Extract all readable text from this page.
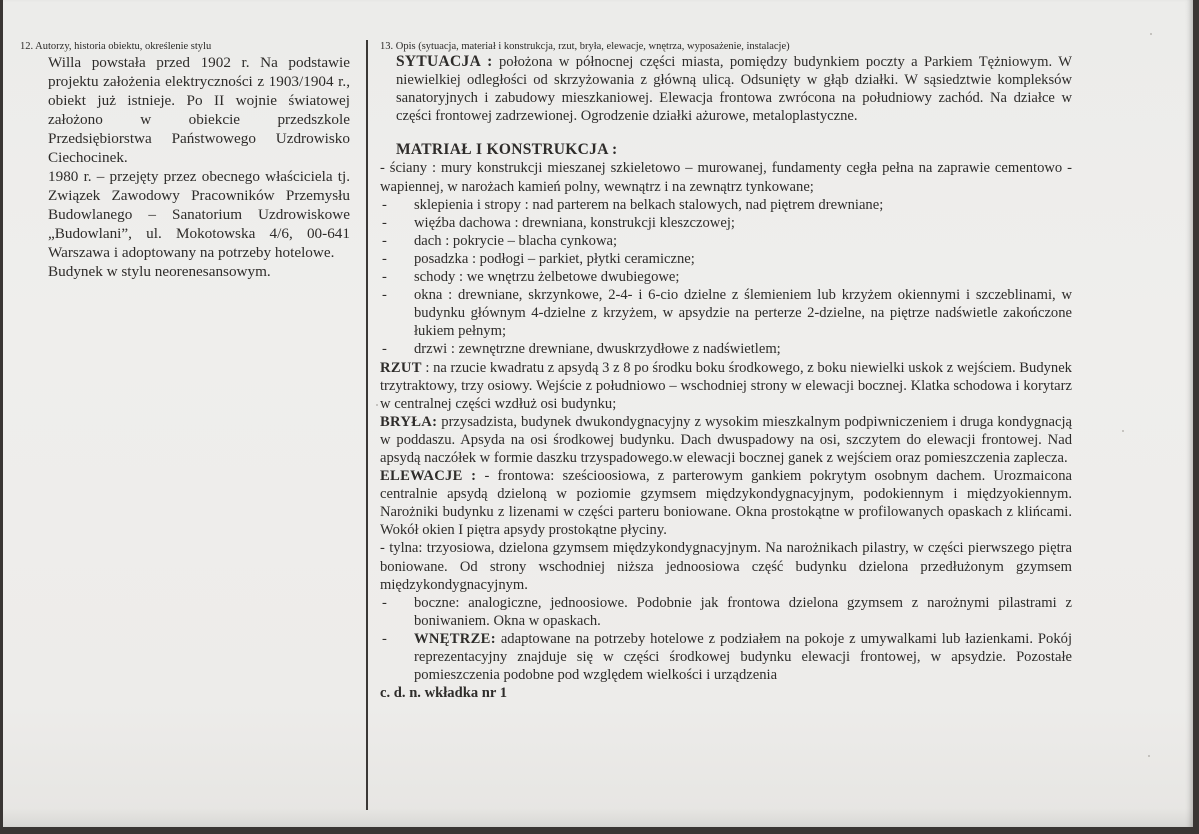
12. Autorzy, historia obiektu, określenie stylu

Willa powstała przed 1902 r. Na podstawie projektu założenia elektryczności z 1903/1904 r., obiekt już istnieje. Po II wojnie światowej założono w obiekcie przedszkole Przedsiębiorstwa Państwowego Uzdrowisko Ciechocinek.

1980 r. – przejęty przez obecnego właściciela tj. Związek Zawodowy Pracowników Przemysłu Budowlanego – Sanatorium Uzdrowiskowe „Budowlani”, ul. Mokotowska 4/6, 00-641 Warszawa i adoptowany na potrzeby hotelowe.

Budynek w stylu neorenesansowym.

13. Opis (sytuacja, materiał i konstrukcja, rzut, bryła, elewacje, wnętrza, wyposażenie, instalacje)

SYTUACJA : położona w północnej części miasta, pomiędzy budynkiem poczty a Parkiem Tężniowym. W niewielkiej odległości od skrzyżowania z główną ulicą. Odsunięty w głąb działki. W sąsiedztwie kompleksów sanatoryjnych i zabudowy mieszkaniowej. Elewacja frontowa zwrócona na południowy zachód. Na działce w części frontowej zadrzewionej. Ogrodzenie działki ażurowe, metaloplastyczne.

MATRIAŁ I KONSTRUKCJA :

- ściany : mury konstrukcji mieszanej szkieletowo – murowanej, fundamenty cegła pełna na zaprawie cementowo - wapiennej, w narożach kamień polny, wewnątrz i na zewnątrz tynkowane;

-	sklepienia i stropy : nad parterem na belkach stalowych, nad piętrem drewniane;
-	więźba dachowa : drewniana, konstrukcji kleszczowej;
-	dach : pokrycie – blacha cynkowa;
-	posadzka : podłogi – parkiet, płytki ceramiczne;
-	schody : we wnętrzu żelbetowe dwubiegowe;
-	okna : drewniane, skrzynkowe, 2-4- i 6-cio dzielne z ślemieniem lub krzyżem okiennymi i szczeblinami, w budynku głównym 4-dzielne z krzyżem, w apsydzie na perterze 2-dzielne, na piętrze nadświetle zakończone łukiem pełnym;
-	drzwi : zewnętrzne drewniane, dwuskrzydłowe z nadświetlem;

RZUT : na rzucie kwadratu z apsydą 3 z 8 po środku boku środkowego, z boku niewielki uskok z wejściem. Budynek trzytraktowy, trzy osiowy. Wejście z południowo – wschodniej strony w elewacji bocznej. Klatka schodowa i korytarz w centralnej części wzdłuż osi budynku;

BRYŁA: przysadzista, budynek dwukondygnacyjny z wysokim mieszkalnym podpiwniczeniem i druga kondygnacją w poddaszu. Apsyda na osi środkowej budynku. Dach dwuspadowy na osi, szczytem do elewacji frontowej. Nad apsydą naczółek w formie daszku trzyspadowego.w elewacji bocznej ganek z wejściem oraz pomieszczenia zaplecza.

ELEWACJE : - frontowa: sześcioosiowa, z parterowym gankiem pokrytym osobnym dachem. Urozmaicona centralnie apsydą dzieloną w poziomie gzymsem międzykondygnacyjnym, podokiennym i międzyokiennym. Narożniki budynku z lizenami w części parteru boniowane. Okna prostokątne w profilowanych opaskach z klińcami. Wokół okien I piętra apsydy prostokątne płyciny.

- tylna: trzyosiowa, dzielona gzymsem międzykondygnacyjnym. Na narożnikach pilastry, w części pierwszego piętra boniowane. Od strony wschodniej niższa jednoosiowa część budynku dzielona przedłużonym gzymsem międzykondygnacyjnym.

-	boczne: analogiczne, jednoosiowe. Podobnie jak frontowa dzielona gzymsem z narożnymi pilastrami z boniwaniem. Okna w opaskach.
-	WNĘTRZE: adaptowane na potrzeby hotelowe z podziałem na pokoje z umywalkami lub łazienkami. Pokój reprezentacyjny znajduje się w części środkowej budynku elewacji frontowej, w apsydzie. Pozostałe pomieszczenia podobne pod względem wielkości i urządzenia

c. d. n. wkładka nr 1
